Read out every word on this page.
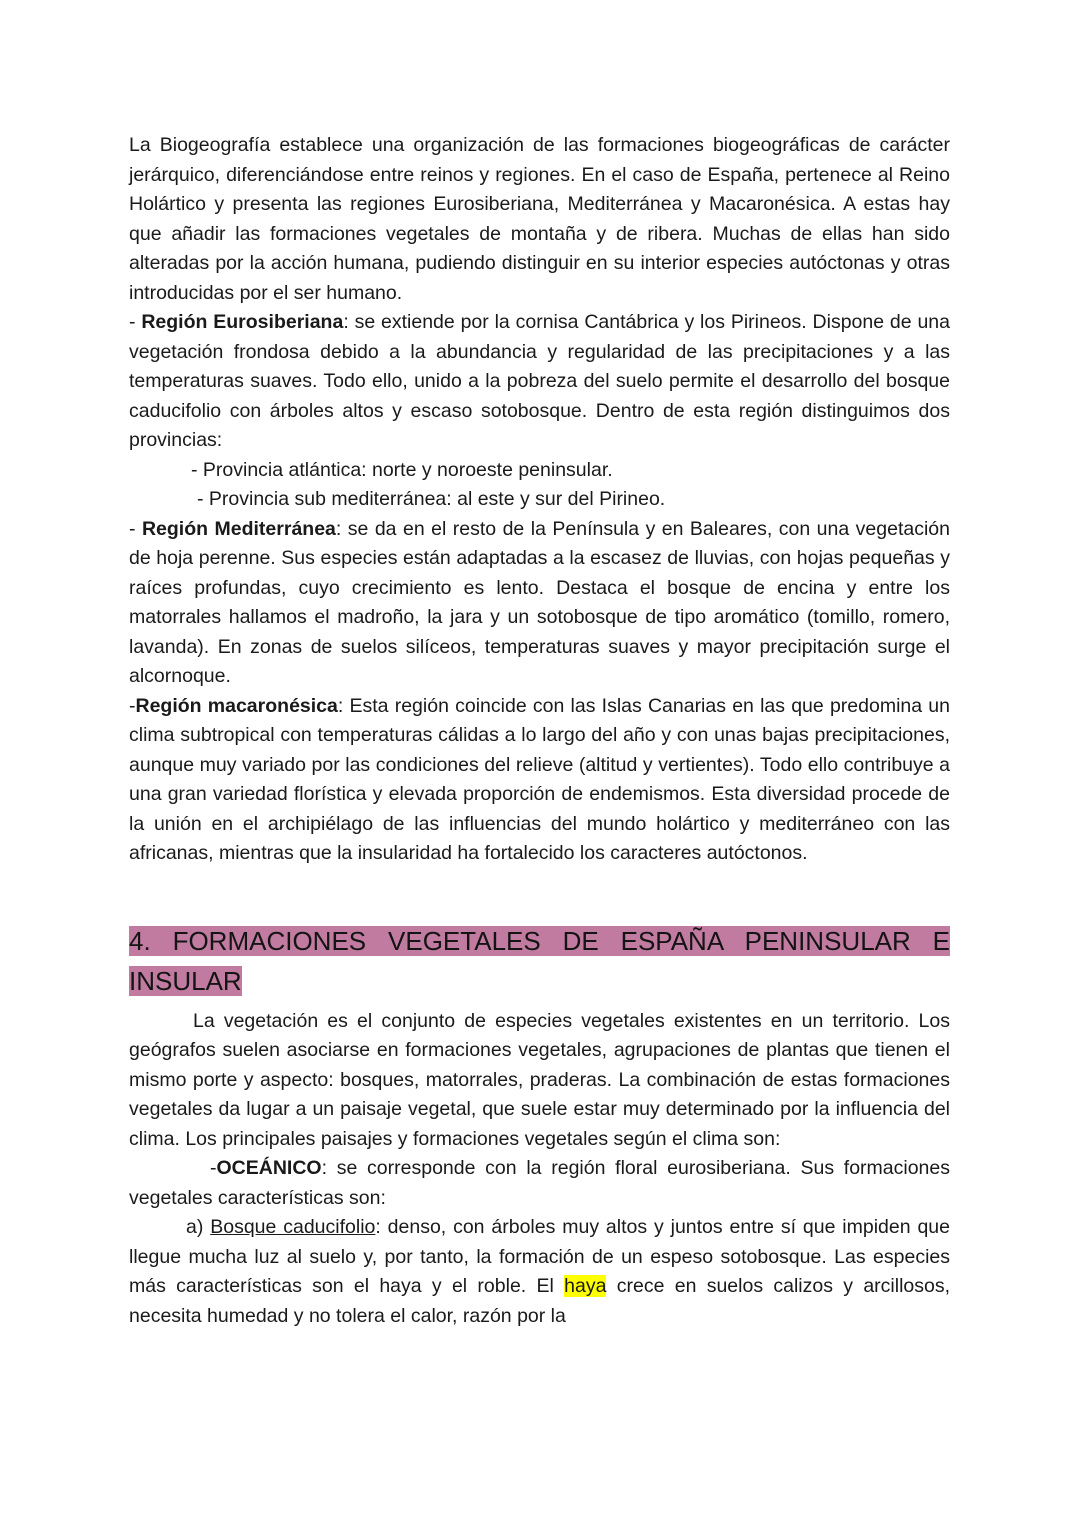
La Biogeografía establece una organización de las formaciones biogeográficas de carácter jerárquico, diferenciándose entre reinos y regiones. En el caso de España, pertenece al Reino Holártico y presenta las regiones Eurosiberiana, Mediterránea y Macaronésica. A estas hay que añadir las formaciones vegetales de montaña y de ribera. Muchas de ellas han sido alteradas por la acción humana, pudiendo distinguir en su interior especies autóctonas y otras introducidas por el ser humano.

- Región Eurosiberiana: se extiende por la cornisa Cantábrica y los Pirineos. Dispone de una vegetación frondosa debido a la abundancia y regularidad de las precipitaciones y a las temperaturas suaves. Todo ello, unido a la pobreza del suelo permite el desarrollo del bosque caducifolio con árboles altos y escaso sotobosque. Dentro de esta región distinguimos dos provincias:

- Provincia atlántica: norte y noroeste peninsular.

- Provincia sub mediterránea: al este y sur del Pirineo.

- Región Mediterránea: se da en el resto de la Península y en Baleares, con una vegetación de hoja perenne. Sus especies están adaptadas a la escasez de lluvias, con hojas pequeñas y raíces profundas, cuyo crecimiento es lento. Destaca el bosque de encina y entre los matorrales hallamos el madroño, la jara y un sotobosque de tipo aromático (tomillo, romero, lavanda). En zonas de suelos silíceos, temperaturas suaves y mayor precipitación surge el alcornoque.

-Región macaronésica: Esta región coincide con las Islas Canarias en las que predomina un clima subtropical con temperaturas cálidas a lo largo del año y con unas bajas precipitaciones, aunque muy variado por las condiciones del relieve (altitud y vertientes). Todo ello contribuye a una gran variedad florística y elevada proporción de endemismos. Esta diversidad procede de la unión en el archipiélago de las influencias del mundo holártico y mediterráneo con las africanas, mientras que la insularidad ha fortalecido los caracteres autóctonos.

4. FORMACIONES VEGETALES DE ESPAÑA PENINSULAR E INSULAR

La vegetación es el conjunto de especies vegetales existentes en un territorio. Los geógrafos suelen asociarse en formaciones vegetales, agrupaciones de plantas que tienen el mismo porte y aspecto: bosques, matorrales, praderas. La combinación de estas formaciones vegetales da lugar a un paisaje vegetal, que suele estar muy determinado por la influencia del clima. Los principales paisajes y formaciones vegetales según el clima son:

-OCEÁNICO: se corresponde con la región floral eurosiberiana. Sus formaciones vegetales características son:

a) Bosque caducifolio: denso, con árboles muy altos y juntos entre sí que impiden que llegue mucha luz al suelo y, por tanto, la formación de un espeso sotobosque. Las especies más características son el haya y el roble. El haya crece en suelos calizos y arcillosos, necesita humedad y no tolera el calor, razón por la
